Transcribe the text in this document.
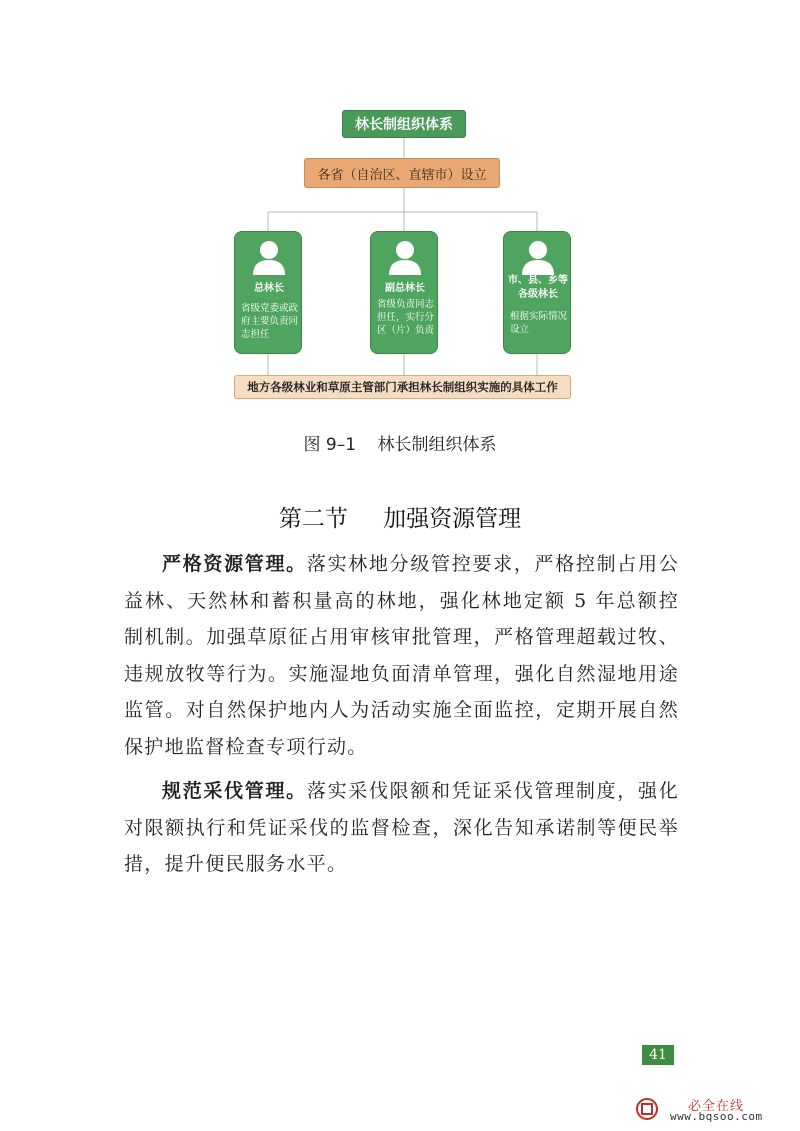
林长制组织体系
各省（自治区、直辖市）设立
总林长
省级党委或政府主要负责同志担任
副总林长
省级负责同志担任，实行分区（片）负责
市、县、乡等各级林长
根据实际情况设立
地方各级林业和草原主管部门承担林长制组织实施的具体工作
图 9–1 林长制组织体系
第二节 加强资源管理
严格资源管理。落实林地分级管控要求，严格控制占用公益林、天然林和蓄积量高的林地，强化林地定额 5 年总额控制机制。加强草原征占用审核审批管理，严格管理超载过牧、违规放牧等行为。实施湿地负面清单管理，强化自然湿地用途监管。对自然保护地内人为活动实施全面监控，定期开展自然保护地监督检查专项行动。
规范采伐管理。落实采伐限额和凭证采伐管理制度，强化对限额执行和凭证采伐的监督检查，深化告知承诺制等便民举措，提升便民服务水平。
41
必全在线
www.bqsoo.com
